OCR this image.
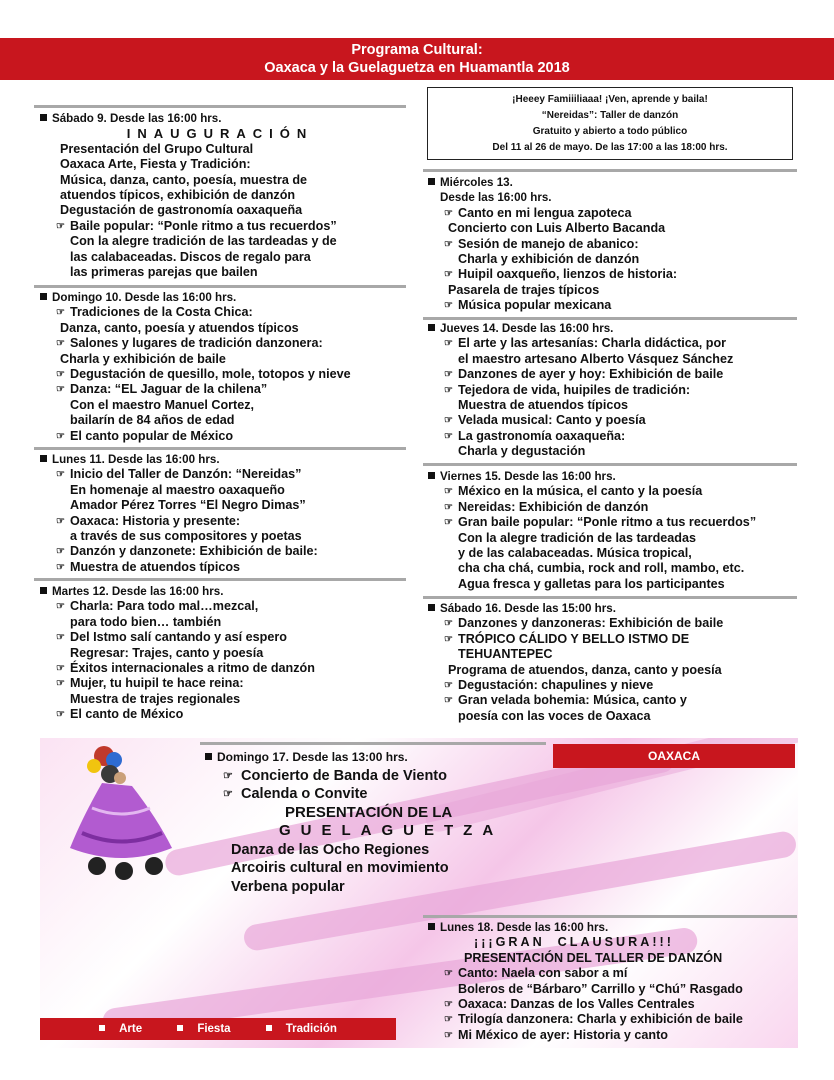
Programa Cultural:
Oaxaca y la Guelaguetza en Huamantla 2018
Sábado 9. Desde las 16:00 hrs.
INAUGURACIÓN
Presentación del Grupo Cultural
Oaxaca Arte, Fiesta y Tradición:
Música, danza, canto, poesía, muestra de
atuendos típicos, exhibición de danzón
Degustación de gastronomía oaxaqueña
☞ Baile popular: “Ponle ritmo a tus recuerdos”
Con la alegre tradición de las tardeadas y de
las calabaceadas. Discos de regalo para
las primeras parejas que bailen
Domingo 10. Desde las 16:00 hrs.
☞ Tradiciones de la Costa Chica:
Danza, canto, poesía y atuendos típicos
☞ Salones y lugares de tradición danzonera:
Charla y exhibición de baile
☞ Degustación de quesillo, mole, totopos y nieve
☞ Danza: “EL Jaguar de la chilena”
Con el maestro Manuel Cortez,
bailarín de 84 años de edad
☞ El canto popular de México
Lunes 11. Desde las 16:00 hrs.
☞ Inicio del Taller de Danzón: “Nereidas”
En homenaje al maestro oaxaqueño
Amador Pérez Torres “El Negro Dimas”
☞ Oaxaca: Historia y presente:
a través de sus compositores y poetas
☞ Danzón y danzonete: Exhibición de baile:
☞ Muestra de atuendos típicos
Martes 12. Desde las 16:00 hrs.
☞ Charla: Para todo mal…mezcal,
para todo bien… también
☞ Del Istmo salí cantando y así espero
Regresar: Trajes, canto y poesía
☞ Éxitos internacionales a ritmo de danzón
☞ Mujer, tu huipil te hace reina:
Muestra de trajes regionales
☞ El canto de México
¡Heeey Famiiiliaaa! ¡Ven, aprende y baila!
“Nereidas”: Taller de danzón
Gratuito y abierto a todo público
Del 11 al 26 de mayo. De las 17:00 a las 18:00 hrs.
Miércoles 13.
Desde las 16:00 hrs.
☞ Canto en mi lengua zapoteca
Concierto con Luis Alberto Bacanda
☞ Sesión de manejo de abanico:
Charla y exhibición de danzón
☞ Huipil oaxqueño, lienzos de historia:
Pasarela de trajes típicos
☞ Música popular mexicana
Jueves 14. Desde las 16:00 hrs.
☞ El arte y las artesanías: Charla didáctica, por
el maestro artesano Alberto Vásquez Sánchez
☞ Danzones de ayer y hoy: Exhibición de baile
☞ Tejedora de vida, huipiles de tradición:
Muestra de atuendos típicos
☞ Velada musical: Canto y poesía
☞ La gastronomía oaxaqueña:
Charla y degustación
Viernes 15. Desde las 16:00 hrs.
☞ México en la música, el canto y la poesía
☞ Nereidas: Exhibición de danzón
☞ Gran baile popular: “Ponle ritmo a tus recuerdos”
Con la alegre tradición de las tardeadas
y de las calabaceadas. Música tropical,
cha cha chá, cumbia, rock and roll, mambo, etc.
Agua fresca y galletas para los participantes
Sábado 16. Desde las 15:00 hrs.
☞ Danzones y danzoneras: Exhibición de baile
☞ TRÓPICO CÁLIDO Y BELLO ISTMO DE
TEHUANTEPEC
Programa de atuendos, danza, canto y poesía
☞ Degustación: chapulines y nieve
☞ Gran velada bohemia: Música, canto y
poesía con las voces de Oaxaca
OAXACA
Domingo 17. Desde las 13:00 hrs.
☞ Concierto de Banda de Viento
☞ Calenda o Convite
PRESENTACIÓN DE LA
GUELAGUETZA
Danza de las Ocho Regiones
Arcoiris cultural en movimiento
Verbena popular
Lunes 18. Desde las 16:00 hrs.
¡¡¡GRAN  CLAUSURA!!!
PRESENTACIÓN DEL TALLER DE DANZÓN
☞ Canto: Naela con sabor a mí
Boleros de “Bárbaro” Carrillo y “Chú” Rasgado
☞ Oaxaca: Danzas de los Valles Centrales
☞ Trilogía danzonera: Charla y exhibición de baile
☞ Mi México de ayer: Historia y canto
Arte	Fiesta	Tradición
